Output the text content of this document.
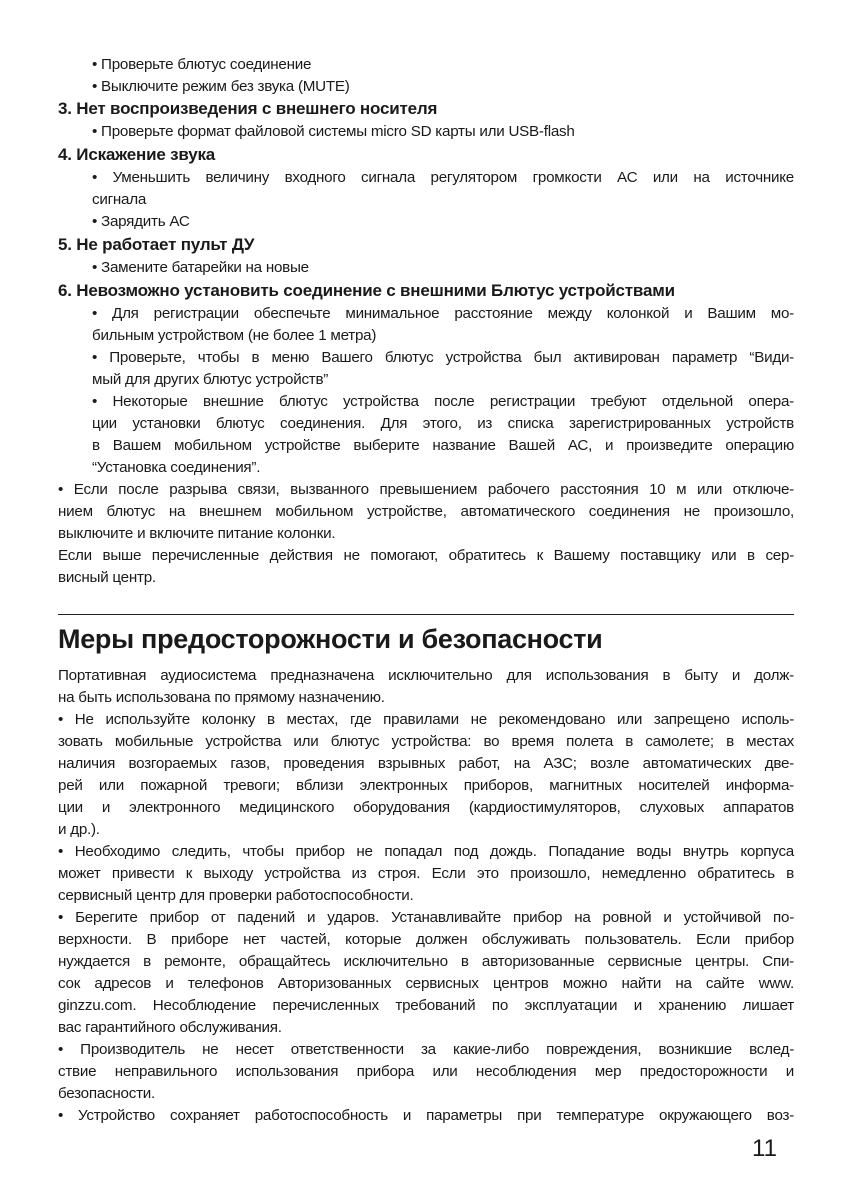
• Проверьте блютус соединение
• Выключите режим без звука (MUTE)
3. Нет воспроизведения с внешнего носителя
• Проверьте формат файловой системы micro SD карты или USB-flash
4. Искажение звука
• Уменьшить величину входного сигнала регулятором громкости АС или на источнике
сигнала
• Зарядить АС
5. Не работает пульт ДУ
• Замените батарейки на новые
6. Невозможно установить соединение с внешними Блютус устройствами
• Для регистрации обеспечьте минимальное расстояние между колонкой и Вашим мо-
бильным устройством (не более 1 метра)
• Проверьте, чтобы в меню Вашего блютус устройства был активирован параметр “Види-
мый для других блютус устройств”
• Некоторые внешние блютус устройства после регистрации требуют отдельной опера-
ции установки блютус соединения. Для этого, из списка зарегистрированных устройств
в Вашем мобильном устройстве выберите название Вашей АС, и произведите операцию
“Установка соединения”.
• Если после разрыва связи, вызванного превышением рабочего расстояния 10 м или отключе-
нием блютус на внешнем мобильном устройстве, автоматического соединения не произошло,
выключите и включите питание колонки.
Если выше перечисленные действия не помогают, обратитесь к Вашему поставщику или в сер-
висный центр.
Меры предосторожности и безопасности
Портативная аудиосистема предназначена исключительно для использования в быту и долж-
на быть использована по прямому назначению.
• Не используйте колонку в местах, где правилами не рекомендовано или запрещено исполь-
зовать мобильные устройства или блютус устройства: во время полета в самолете; в местах
наличия возгораемых газов, проведения взрывных работ, на АЗС; возле автоматических две-
рей или пожарной тревоги; вблизи электронных приборов, магнитных носителей информа-
ции и электронного медицинского оборудования (кардиостимуляторов, слуховых аппаратов
и др.).
• Необходимо следить, чтобы прибор не попадал под дождь. Попадание воды внутрь корпуса
может привести к выходу устройства из строя. Если это произошло, немедленно обратитесь в
сервисный центр для проверки работоспособности.
• Берегите прибор от падений и ударов. Устанавливайте прибор на ровной и устойчивой по-
верхности. В приборе нет частей, которые должен обслуживать пользователь. Если прибор
нуждается в ремонте, обращайтесь исключительно в авторизованные сервисные центры. Спи-
сок адресов и телефонов Авторизованных сервисных центров можно найти на сайте www.
ginzzu.com. Несоблюдение перечисленных требований по эксплуатации и хранению лишает
вас гарантийного обслуживания.
• Производитель не несет ответственности за какие-либо повреждения, возникшие вслед-
ствие неправильного использования прибора или несоблюдения мер предосторожности и
безопасности.
• Устройство сохраняет работоспособность и параметры при температуре окружающего воз-
11
